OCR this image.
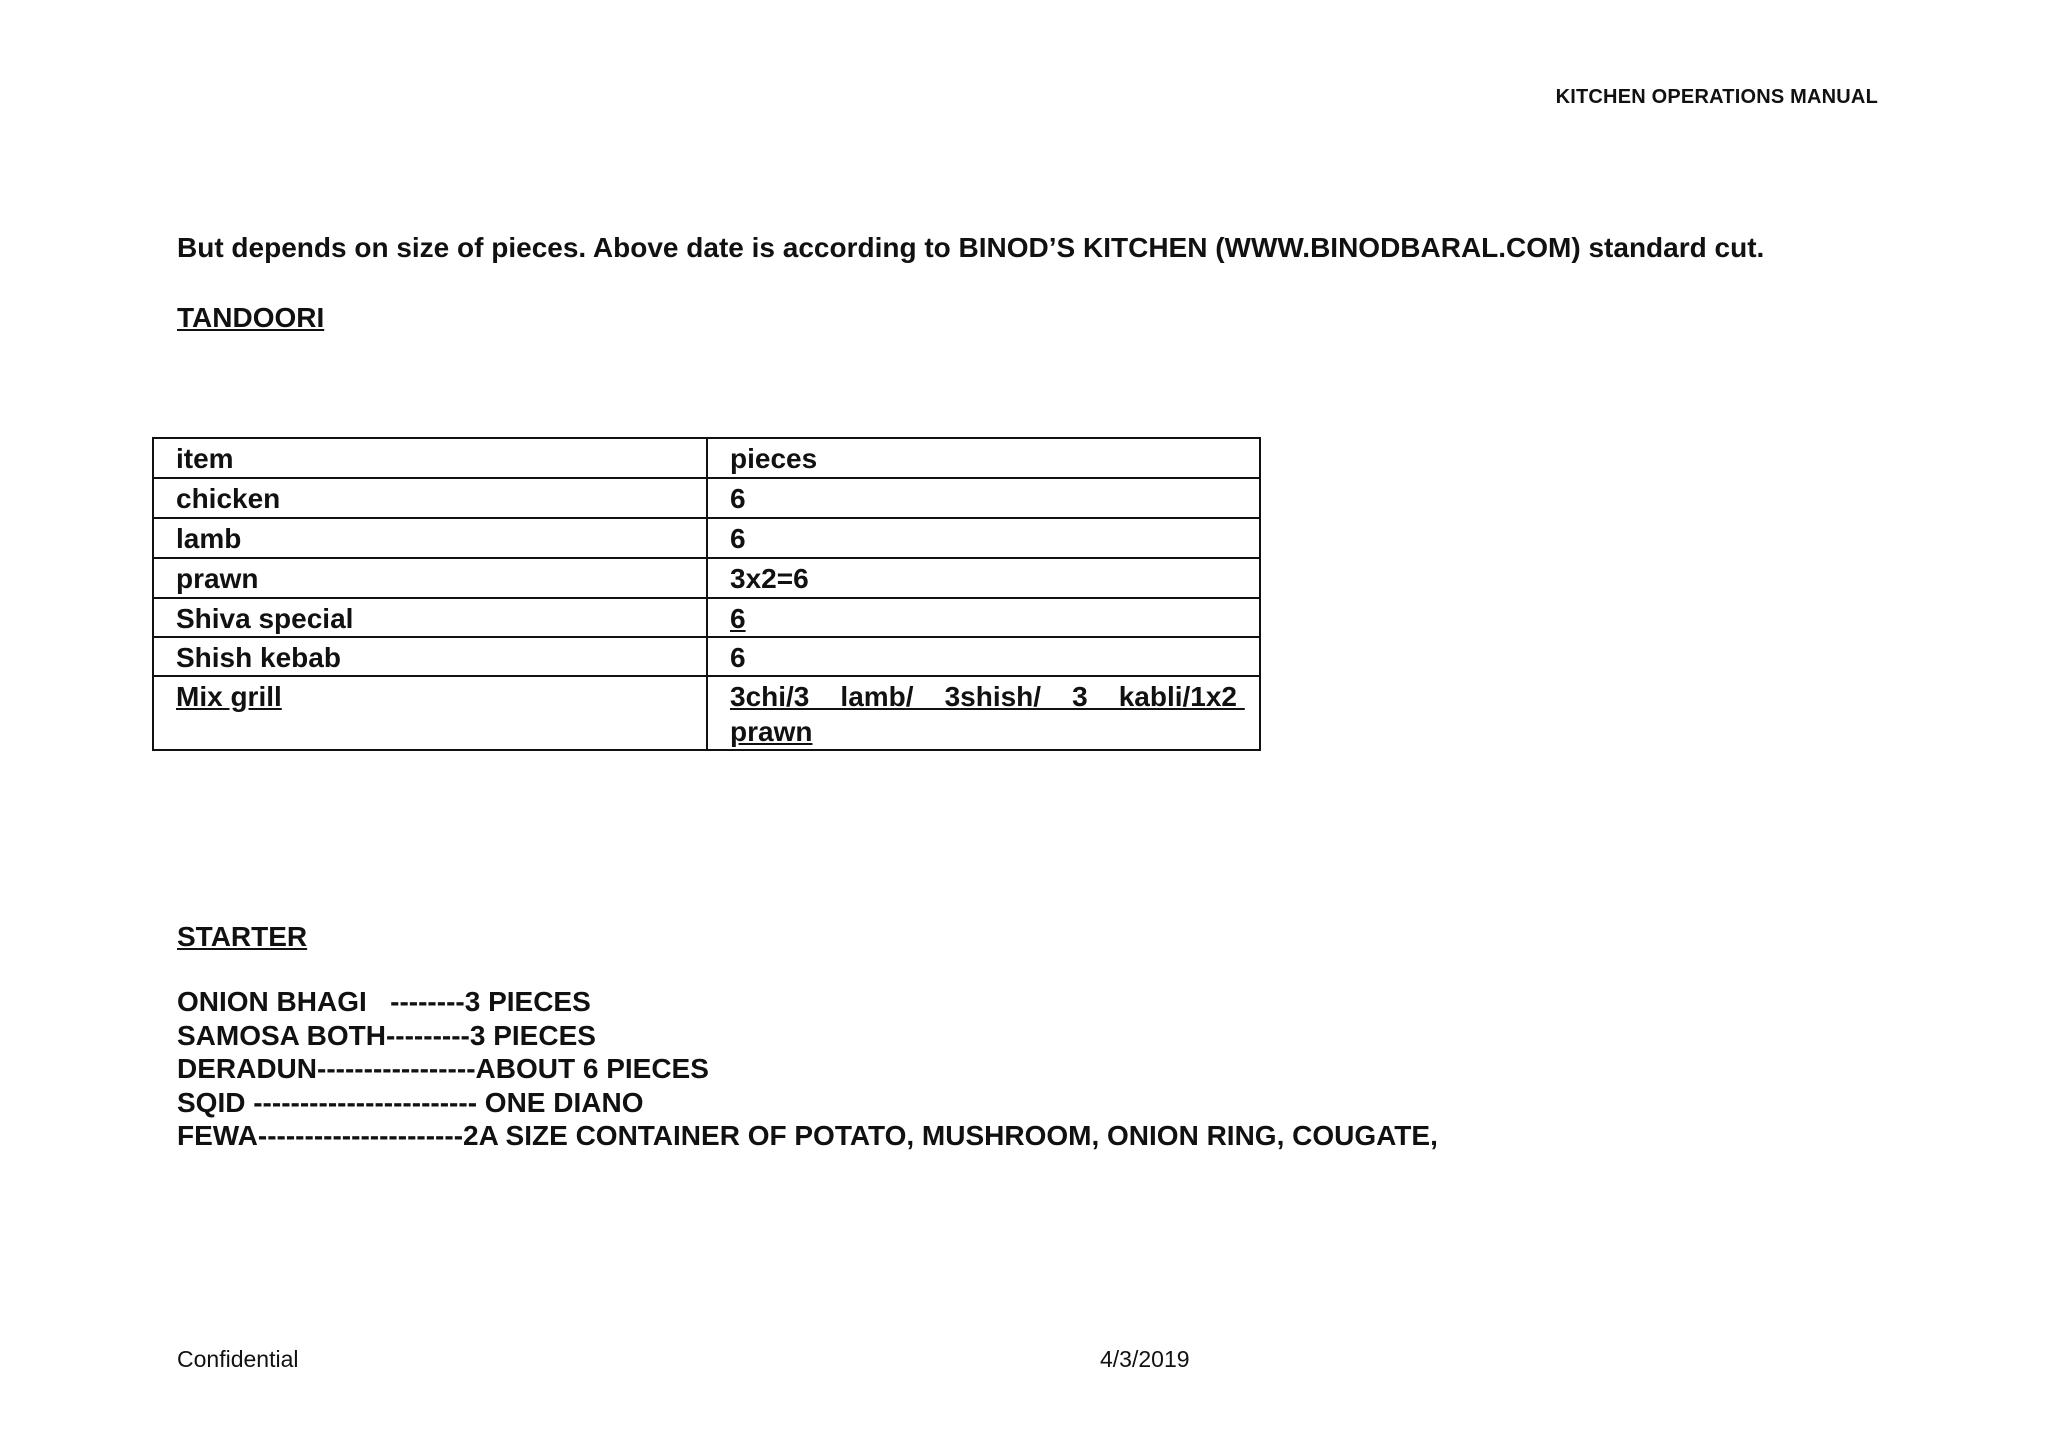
KITCHEN OPERATIONS MANUAL
But depends on size of pieces. Above date is according to BINOD’S KITCHEN (WWW.BINODBARAL.COM) standard cut.
TANDOORI
item	pieces

chicken	6

lamb	6

prawn	3x2=6

Shiva special	6

Shish kebab	6

Mix grill	3chi/3   lamb/   3shish/   3   kabli/1x2 prawn
STARTER
ONION BHAGI   --------3 PIECES
SAMOSA BOTH---------3 PIECES
DERADUN-----------------ABOUT 6 PIECES
SQID ------------------------ ONE DIANO
FEWA----------------------2A SIZE CONTAINER OF POTATO, MUSHROOM, ONION RING, COUGATE,
Confidential	4/3/2019
